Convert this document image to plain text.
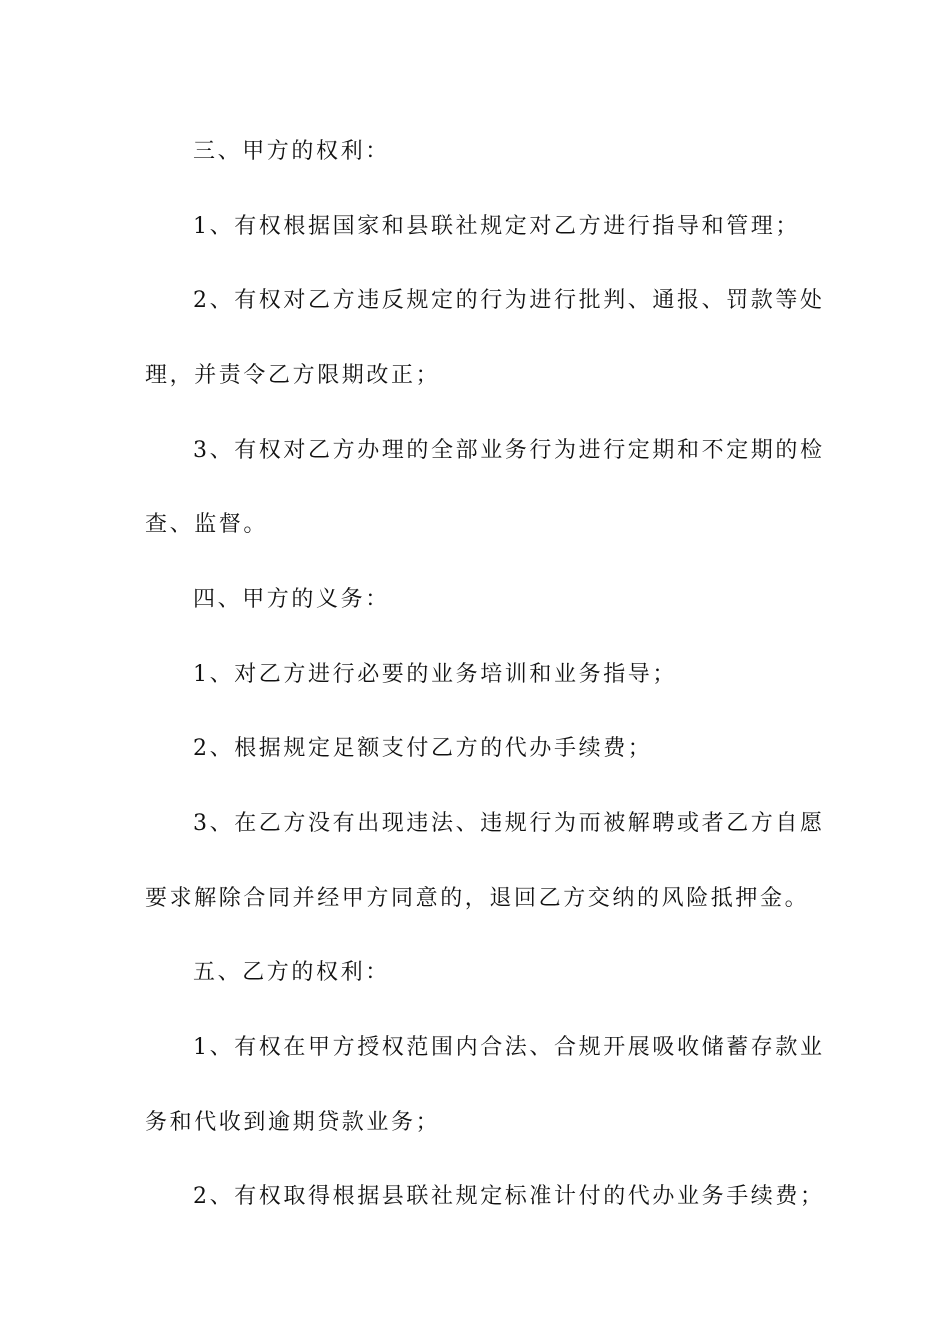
三、甲方的权利：
1、有权根据国家和县联社规定对乙方进行指导和管理；
2、有权对乙方违反规定的行为进行批判、通报、罚款等处
理，并责令乙方限期改正；
3、有权对乙方办理的全部业务行为进行定期和不定期的检
查、监督。
四、甲方的义务：
1、对乙方进行必要的业务培训和业务指导；
2、根据规定足额支付乙方的代办手续费；
3、在乙方没有出现违法、违规行为而被解聘或者乙方自愿
要求解除合同并经甲方同意的，退回乙方交纳的风险抵押金。
五、乙方的权利：
1、有权在甲方授权范围内合法、合规开展吸收储蓄存款业
务和代收到逾期贷款业务；
2、有权取得根据县联社规定标准计付的代办业务手续费；
